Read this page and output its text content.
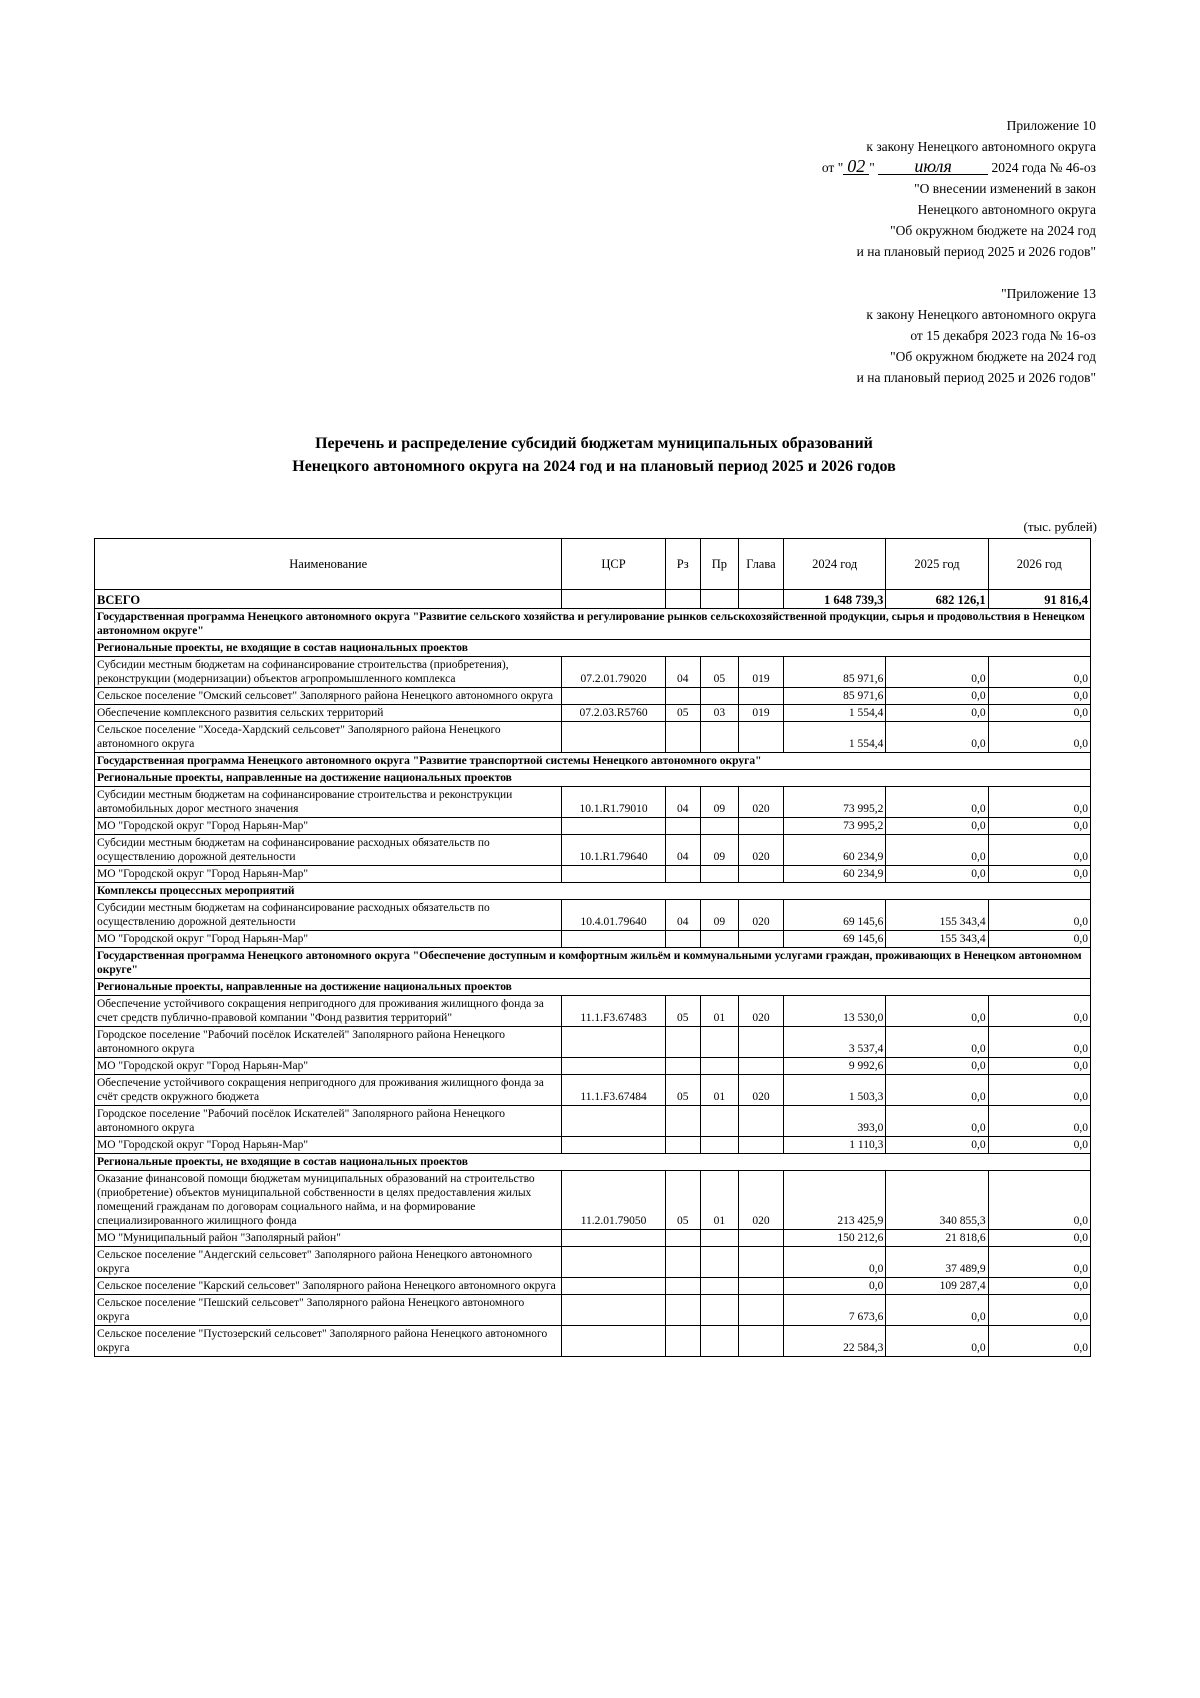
Приложение 10
к закону Ненецкого автономного округа
от " 02 " июля	2024 года № 46-оз
"О внесении изменений в закон
Ненецкого автономного округа
"Об окружном бюджете на 2024 год
и на плановый период 2025 и 2026 годов"
"Приложение 13
к закону Ненецкого автономного округа
от 15 декабря 2023 года № 16-оз
"Об окружном бюджете на 2024 год
и на плановый период 2025 и 2026 годов"
Перечень и распределение субсидий бюджетам муниципальных образований
Ненецкого автономного округа на 2024 год и на плановый период 2025 и 2026 годов
(тыс. рублей)
Наименование	ЦСР	Рз	Пр	Глава	2024 год	2025 год	2026 год
ВСЕГО					1 648 739,3	682 126,1	91 816,4
Государственная программа Ненецкого автономного округа "Развитие сельского хозяйства и регулирование рынков сельскохозяйственной продукции, сырья и продовольствия в Ненецком автономном округе"							
Региональные проекты, не входящие в состав национальных проектов							
Субсидии местным бюджетам на софинансирование строительства (приобретения), реконструкции (модернизации) объектов агропромышленного комплекса	07.2.01.79020	04	05	019	85 971,6	0,0	0,0
Сельское поселение "Омский сельсовет" Заполярного района Ненецкого автономного округа					85 971,6	0,0	0,0
Обеспечение комплексного развития сельских территорий	07.2.03.R5760	05	03	019	1 554,4	0,0	0,0
Сельское поселение "Хоседа-Хардский сельсовет" Заполярного района Ненецкого автономного округа					1 554,4	0,0	0,0
Государственная программа Ненецкого автономного округа "Развитие транспортной системы Ненецкого автономного округа"							
Региональные проекты, направленные на достижение национальных проектов							
Субсидии местным бюджетам на софинансирование строительства и реконструкции автомобильных дорог местного значения	10.1.R1.79010	04	09	020	73 995,2	0,0	0,0
МО "Городской округ "Город Нарьян-Мар"					73 995,2	0,0	0,0
Субсидии местным бюджетам на софинансирование расходных обязательств по осуществлению дорожной деятельности	10.1.R1.79640	04	09	020	60 234,9	0,0	0,0
МО "Городской округ "Город Нарьян-Мар"					60 234,9	0,0	0,0
Комплексы процессных мероприятий							
Субсидии местным бюджетам на софинансирование расходных обязательств по осуществлению дорожной деятельности	10.4.01.79640	04	09	020	69 145,6	155 343,4	0,0
МО "Городской округ "Город Нарьян-Мар"					69 145,6	155 343,4	0,0
Государственная программа Ненецкого автономного округа "Обеспечение доступным и комфортным жильём и коммунальными услугами граждан, проживающих в Ненецком автономном округе"							
Региональные проекты, направленные на достижение национальных проектов							
Обеспечение устойчивого сокращения непригодного для проживания жилищного фонда за счет средств публично-правовой компании "Фонд развития территорий"	11.1.F3.67483	05	01	020	13 530,0	0,0	0,0
Городское поселение "Рабочий посёлок Искателей" Заполярного района Ненецкого автономного округа					3 537,4	0,0	0,0
МО "Городской округ "Город Нарьян-Мар"					9 992,6	0,0	0,0
Обеспечение устойчивого сокращения непригодного для проживания жилищного фонда за счёт средств окружного бюджета	11.1.F3.67484	05	01	020	1 503,3	0,0	0,0
Городское поселение "Рабочий посёлок Искателей" Заполярного района Ненецкого автономного округа					393,0	0,0	0,0
МО "Городской округ "Город Нарьян-Мар"					1 110,3	0,0	0,0
Региональные проекты, не входящие в состав национальных проектов							
Оказание финансовой помощи бюджетам муниципальных образований на строительство (приобретение) объектов муниципальной собственности в целях предоставления жилых помещений гражданам по договорам социального найма, и на формирование специализированного жилищного фонда	11.2.01.79050	05	01	020	213 425,9	340 855,3	0,0
МО "Муниципальный район "Заполярный район"					150 212,6	21 818,6	0,0
Сельское поселение "Андегский сельсовет" Заполярного района Ненецкого автономного округа					0,0	37 489,9	0,0
Сельское поселение "Карский сельсовет" Заполярного района Ненецкого автономного округа					0,0	109 287,4	0,0
Сельское поселение "Пешский сельсовет" Заполярного района Ненецкого автономного округа					7 673,6	0,0	0,0
Сельское поселение "Пустозерский сельсовет" Заполярного района Ненецкого автономного округа					22 584,3	0,0	0,0
